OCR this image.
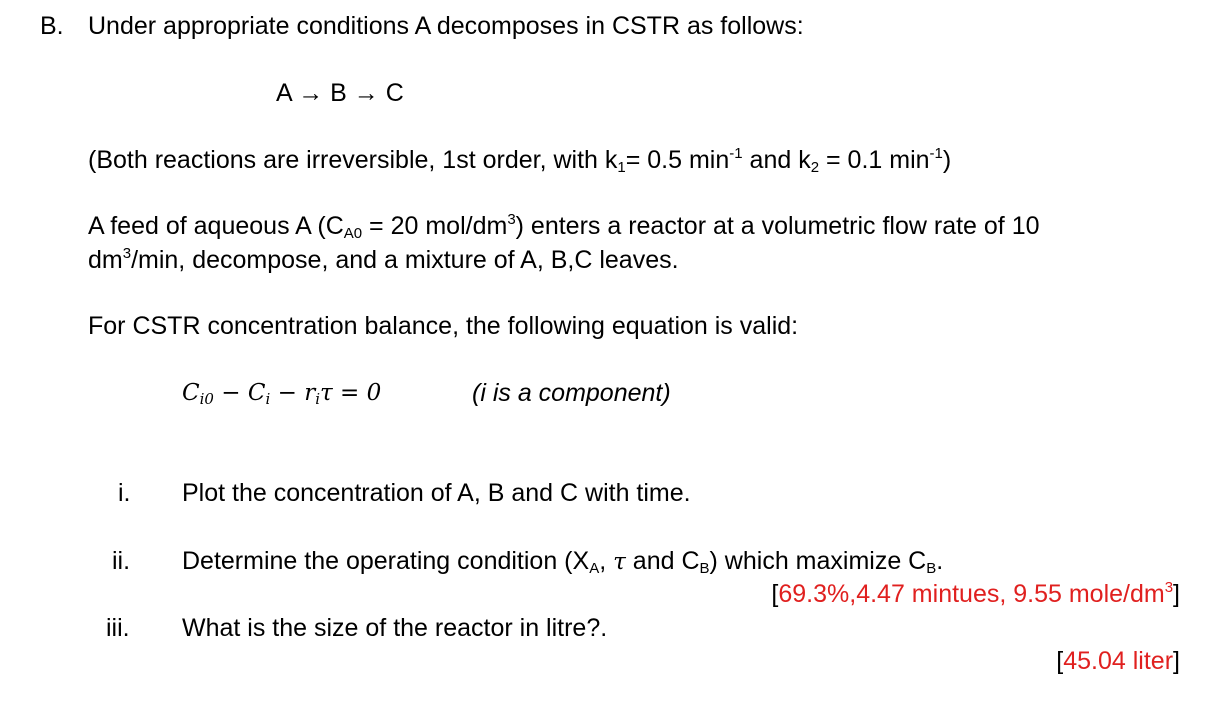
B. Under appropriate conditions A decomposes in CSTR as follows:
A → B → C
(Both reactions are irreversible, 1st order, with $k_1= 0.5$ $\min^{-1}$ and $k_2 = 0.1$ $\min^{-1}$)
A feed of aqueous A ($C_{A0} = 20$ mol/$dm^3$) enters a reactor at a volumetric flow rate of 10
$dm^3/\min$, decompose, and a mixture of A, B,C leaves.
For CSTR concentration balance, the following equation is valid:
$C_{i0} - C_i - r_i\tau = 0$	(i is a component)
i. Plot the concentration of A, B and C with time.
ii. Determine the operating condition ($X_A$, τ and $C_B$) which maximize $C_B$.
[69.3%,4.47 mintues, 9.55 mole/$dm^3$]
iii. What is the size of the reactor in litre?.
[45.04 liter]
